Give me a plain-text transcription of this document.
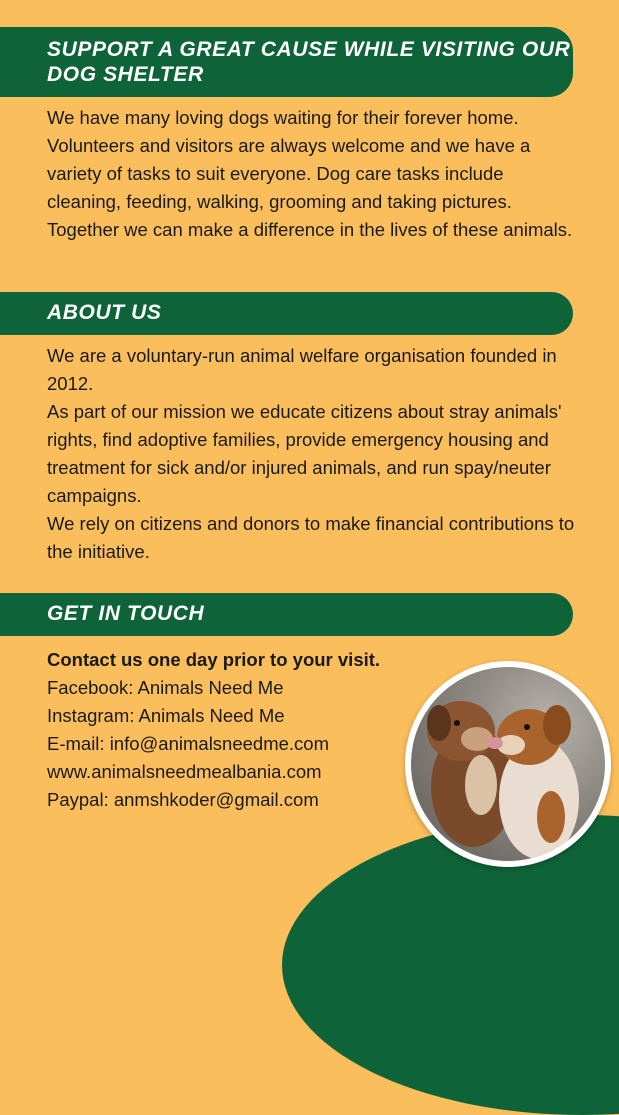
SUPPORT A GREAT CAUSE WHILE VISITING OUR DOG SHELTER

We have many loving dogs waiting for their forever home. Volunteers and visitors are always welcome and we have a variety of tasks to suit everyone. Dog care tasks include cleaning, feeding, walking, grooming and taking pictures. Together we can make a difference in the lives of these animals.

ABOUT US

We are a voluntary-run animal welfare organisation founded in 2012.

As part of our mission we educate citizens about stray animals' rights, find adoptive families, provide emergency housing and treatment for sick and/or injured animals, and run spay/neuter campaigns.

We rely on citizens and donors to make financial contributions to the initiative.

GET IN TOUCH

Contact us one day prior to your visit.

Facebook: Animals Need Me

Instagram: Animals Need Me

E-mail: info@animalsneedme.com

www.animalsneedmealbania.com

Paypal: anmshkoder@gmail.com
